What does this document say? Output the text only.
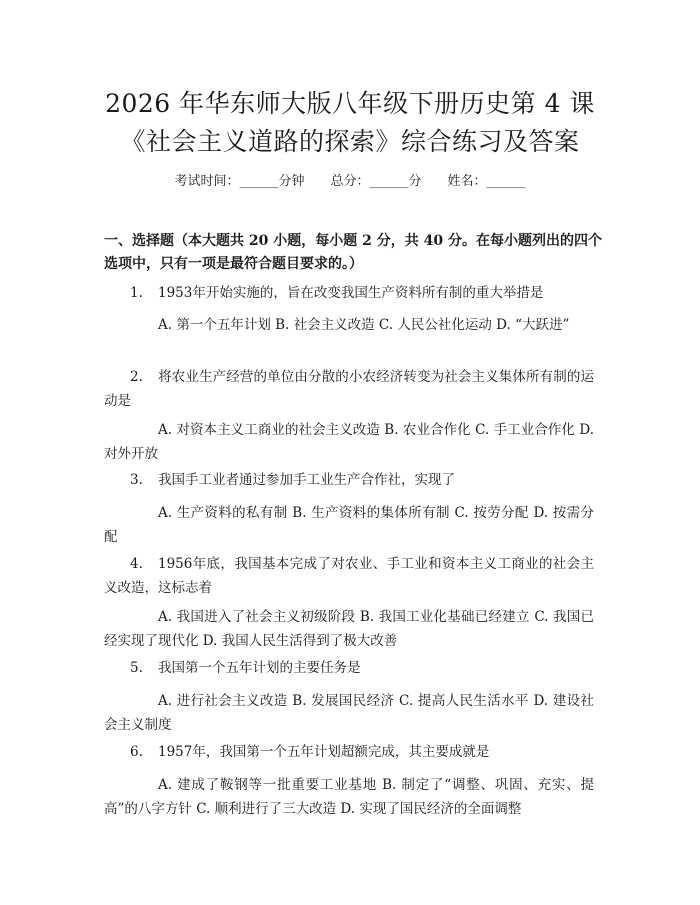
2026 年华东师大版八年级下册历史第 4 课
《社会主义道路的探索》综合练习及答案
考试时间：______分钟 总分：______分 姓名：______
一、选择题（本大题共 20 小题，每小题 2 分，共 40 分。在每小题列出的四个选项中，只有一项是最符合题目要求的。）
1. 1953年开始实施的，旨在改变我国生产资料所有制的重大举措是
A. 第一个五年计划 B. 社会主义改造 C. 人民公社化运动 D. “大跃进”
2. 将农业生产经营的单位由分散的小农经济转变为社会主义集体所有制的运动是
A. 对资本主义工商业的社会主义改造 B. 农业合作化 C. 手工业合作化 D. 对外开放
3. 我国手工业者通过参加手工业生产合作社，实现了
A. 生产资料的私有制 B. 生产资料的集体所有制 C. 按劳分配 D. 按需分配
4. 1956年底，我国基本完成了对农业、手工业和资本主义工商业的社会主义改造，这标志着
A. 我国进入了社会主义初级阶段 B. 我国工业化基础已经建立 C. 我国已经实现了现代化 D. 我国人民生活得到了极大改善
5. 我国第一个五年计划的主要任务是
A. 进行社会主义改造 B. 发展国民经济 C. 提高人民生活水平 D. 建设社会主义制度
6. 1957年，我国第一个五年计划超额完成，其主要成就是
A. 建成了鞍钢等一批重要工业基地 B. 制定了“调整、巩固、充实、提高”的八字方针 C. 顺利进行了三大改造 D. 实现了国民经济的全面调整
